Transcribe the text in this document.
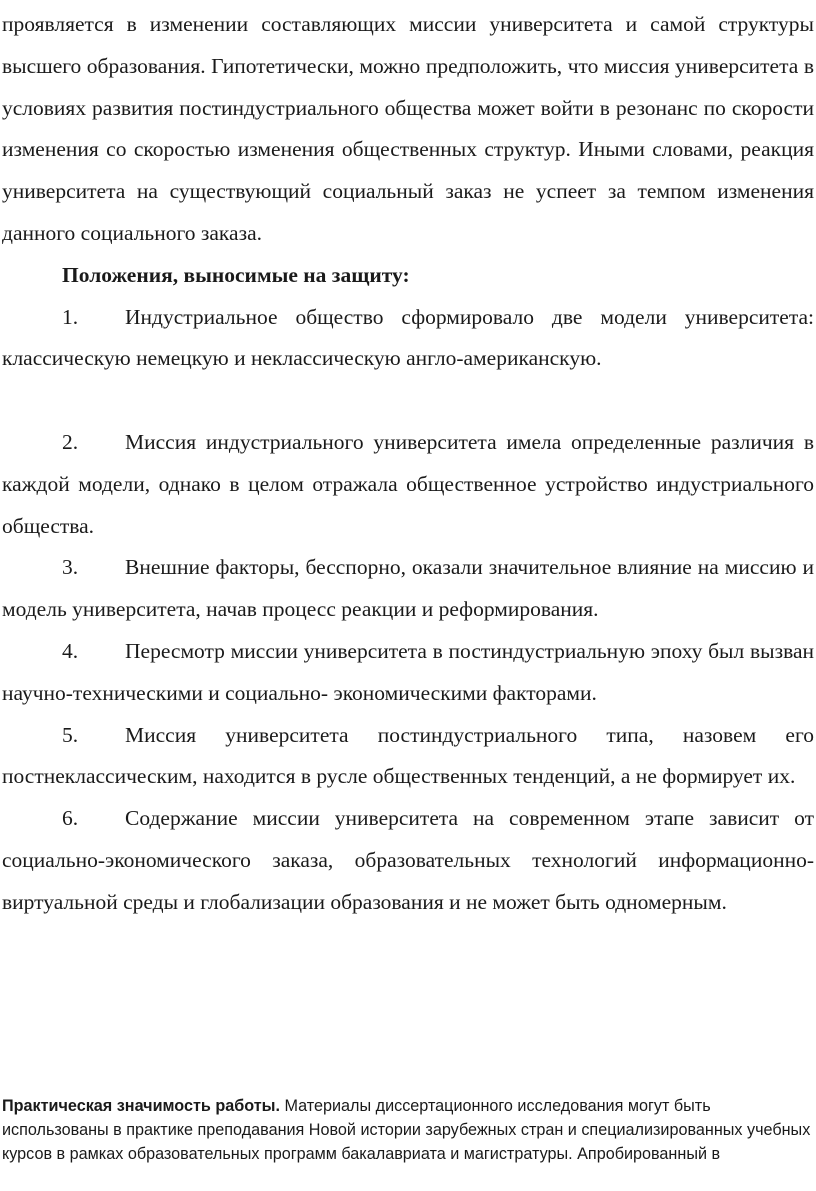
проявляется в изменении составляющих миссии университета и самой структуры высшего образования. Гипотетически, можно предположить, что миссия университета в условиях развития постиндустриального общества может войти в резонанс по скорости изменения со скоростью изменения общественных структур. Иными словами, реакция университета на существующий социальный заказ не успеет за темпом изменения данного социального заказа.

Положения, выносимые на защиту:

1. Индустриальное общество сформировало две модели университета: классическую немецкую и неклассическую англо-американскую.

2. Миссия индустриального университета имела определенные различия в каждой модели, однако в целом отражала общественное устройство индустриального общества.

3. Внешние факторы, бесспорно, оказали значительное влияние на миссию и модель университета, начав процесс реакции и реформирования.

4. Пересмотр миссии университета в постиндустриальную эпоху был вызван научно-техническими и социально- экономическими факторами.

5. Миссия университета постиндустриального типа, назовем его постнеклассическим, находится в русле общественных тенденций, а не формирует их.

6. Содержание миссии университета на современном этапе зависит от социально-экономического заказа, образовательных технологий информационно-виртуальной среды и глобализации образования и не может быть одномерным.

Практическая значимость работы. Материалы диссертационного исследования могут быть использованы в практике преподавания Новой истории зарубежных стран и специализированных учебных курсов в рамках образовательных программ бакалавриата и магистратуры. Апробированный в
